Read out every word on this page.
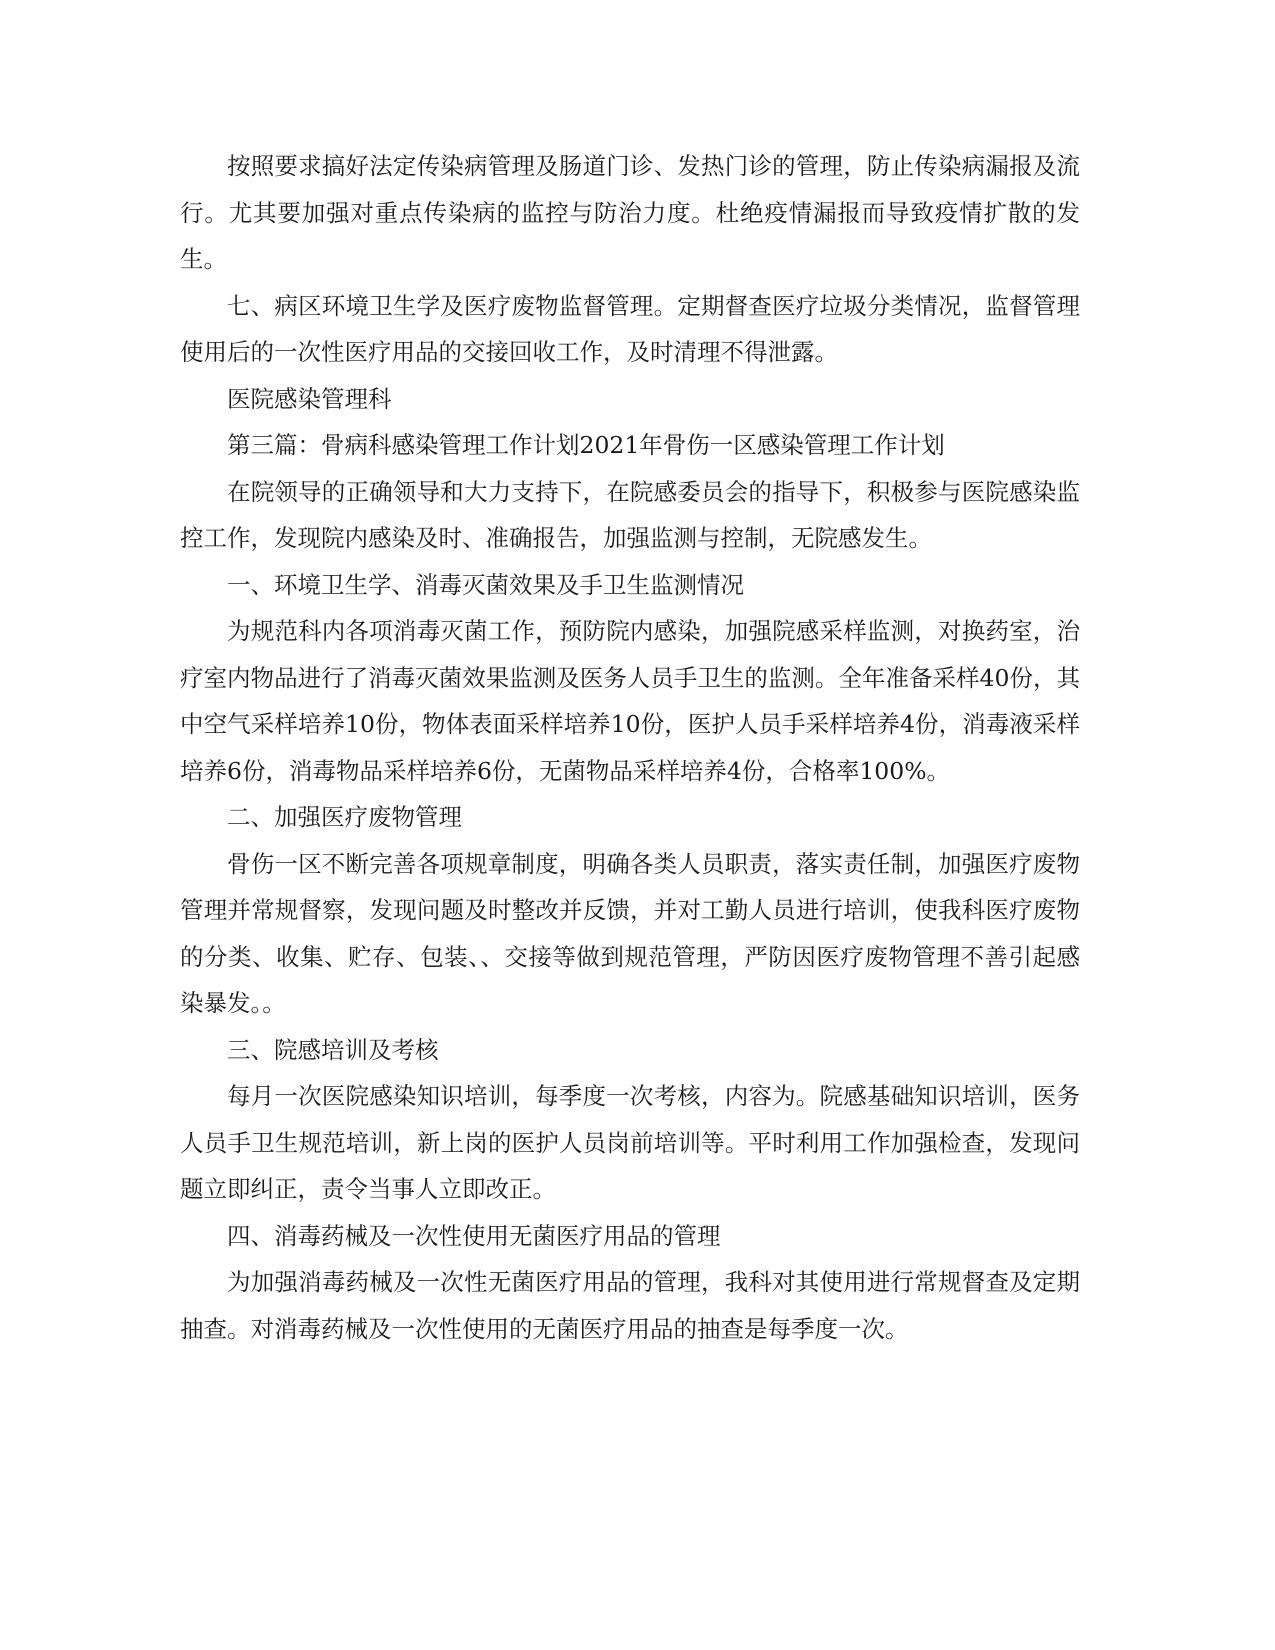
按照要求搞好法定传染病管理及肠道门诊、发热门诊的管理，防止传染病漏报及流行。尤其要加强对重点传染病的监控与防治力度。杜绝疫情漏报而导致疫情扩散的发生。

七、病区环境卫生学及医疗废物监督管理。定期督查医疗垃圾分类情况，监督管理使用后的一次性医疗用品的交接回收工作，及时清理不得泄露。

医院感染管理科

第三篇：骨病科感染管理工作计划2021年骨伤一区感染管理工作计划

在院领导的正确领导和大力支持下，在院感委员会的指导下，积极参与医院感染监控工作，发现院内感染及时、准确报告，加强监测与控制，无院感发生。

一、环境卫生学、消毒灭菌效果及手卫生监测情况

为规范科内各项消毒灭菌工作，预防院内感染，加强院感采样监测，对换药室，治疗室内物品进行了消毒灭菌效果监测及医务人员手卫生的监测。全年准备采样40份，其中空气采样培养10份，物体表面采样培养10份，医护人员手采样培养4份，消毒液采样培养6份，消毒物品采样培养6份，无菌物品采样培养4份，合格率100%。

二、加强医疗废物管理

骨伤一区不断完善各项规章制度，明确各类人员职责，落实责任制，加强医疗废物管理并常规督察，发现问题及时整改并反馈，并对工勤人员进行培训，使我科医疗废物的分类、收集、贮存、包装、、交接等做到规范管理，严防因医疗废物管理不善引起感染暴发。。

三、院感培训及考核

每月一次医院感染知识培训，每季度一次考核，内容为。院感基础知识培训，医务人员手卫生规范培训，新上岗的医护人员岗前培训等。平时利用工作加强检查，发现问题立即纠正，责令当事人立即改正。

四、消毒药械及一次性使用无菌医疗用品的管理

为加强消毒药械及一次性无菌医疗用品的管理，我科对其使用进行常规督查及定期抽查。对消毒药械及一次性使用的无菌医疗用品的抽查是每季度一次。
